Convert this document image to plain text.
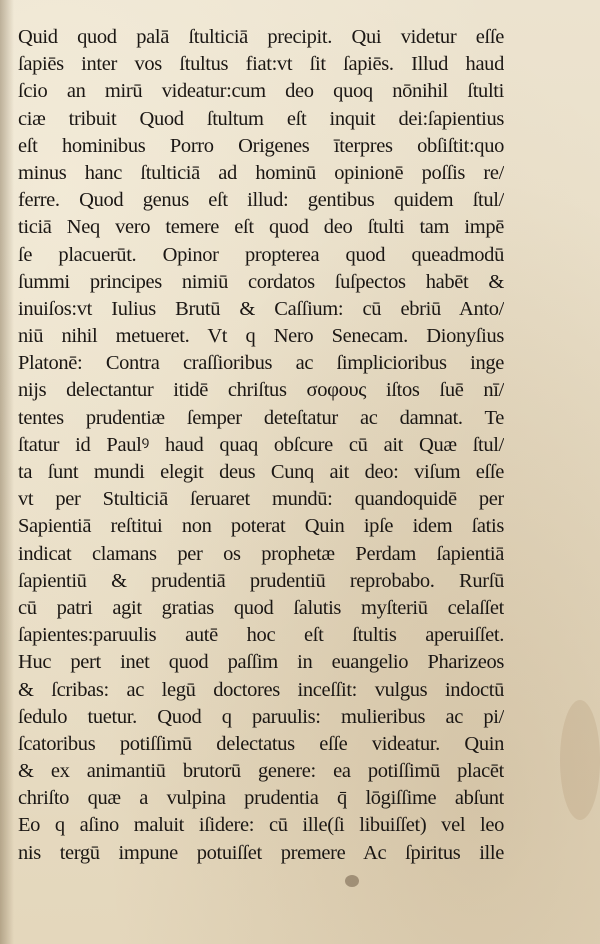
Quid quod palā ſtulticiā precipit. Qui videtur eſſe
ſapiēs inter vos ſtultus fiat:vt ſit ſapiēs. Illud haud
ſcio an mirū videatur:cum deo quoq nōnihil ſtulti
ciæ tribuit Quod ſtultum eſt inquit dei:ſapientius
eſt hominibus Porro Origenes īterpres obſiſtit:quo
minus hanc ſtulticiā ad hominū opinionē poſſis re/
ferre. Quod genus eſt illud: gentibus quidem ſtul/
ticiā Neq vero temere eſt quod deo ſtulti tam impē
ſe placuerūt. Opinor propterea quod queadmodū
ſummi principes nimiū cordatos ſuſpectos habēt &
inuiſos:vt Iulius Brutū & Caſſium: cū ebriū Anto/
niū nihil metueret. Vt q Nero Senecam. Dionyſius
Platonē: Contra craſſioribus ac ſimplicioribus inge
nijs delectantur itidē chriſtus σοφους iſtos ſuē nī/
tentes prudentiæ ſemper deteſtatur ac damnat. Te
ſtatur id Paulꝰ haud quaq obſcure cū ait Quæ ſtul/
ta ſunt mundi elegit deus Cunq ait deo: viſum eſſe
vt per Stulticiā ſeruaret mundū: quandoquidē per
Sapientiā reſtitui non poterat Quin ipſe idem ſatis
indicat clamans per os prophetæ Perdam ſapientiā
ſapientiū & prudentiā prudentiū reprobabo. Rurſū
cū patri agit gratias quod ſalutis myſteriū celaſſet
ſapientes:paruulis autē hoc eſt ſtultis aperuiſſet.
Huc pert inet quod paſſim in euangelio Pharizeos
& ſcribas: ac legū doctores inceſſit: vulgus indoctū
ſedulo tuetur. Quod q paruulis: mulieribus ac pi/
ſcatoribus potiſſimū delectatus eſſe videatur. Quin
& ex animantiū brutorū genere: ea potiſſimū placēt
chriſto quæ a vulpina prudentia q̄ lōgiſſime abſunt
Eo q aſino maluit iſidere: cū ille(ſi libuiſſet) vel leo
nis tergū impune potuiſſet premere Ac ſpiritus ille
